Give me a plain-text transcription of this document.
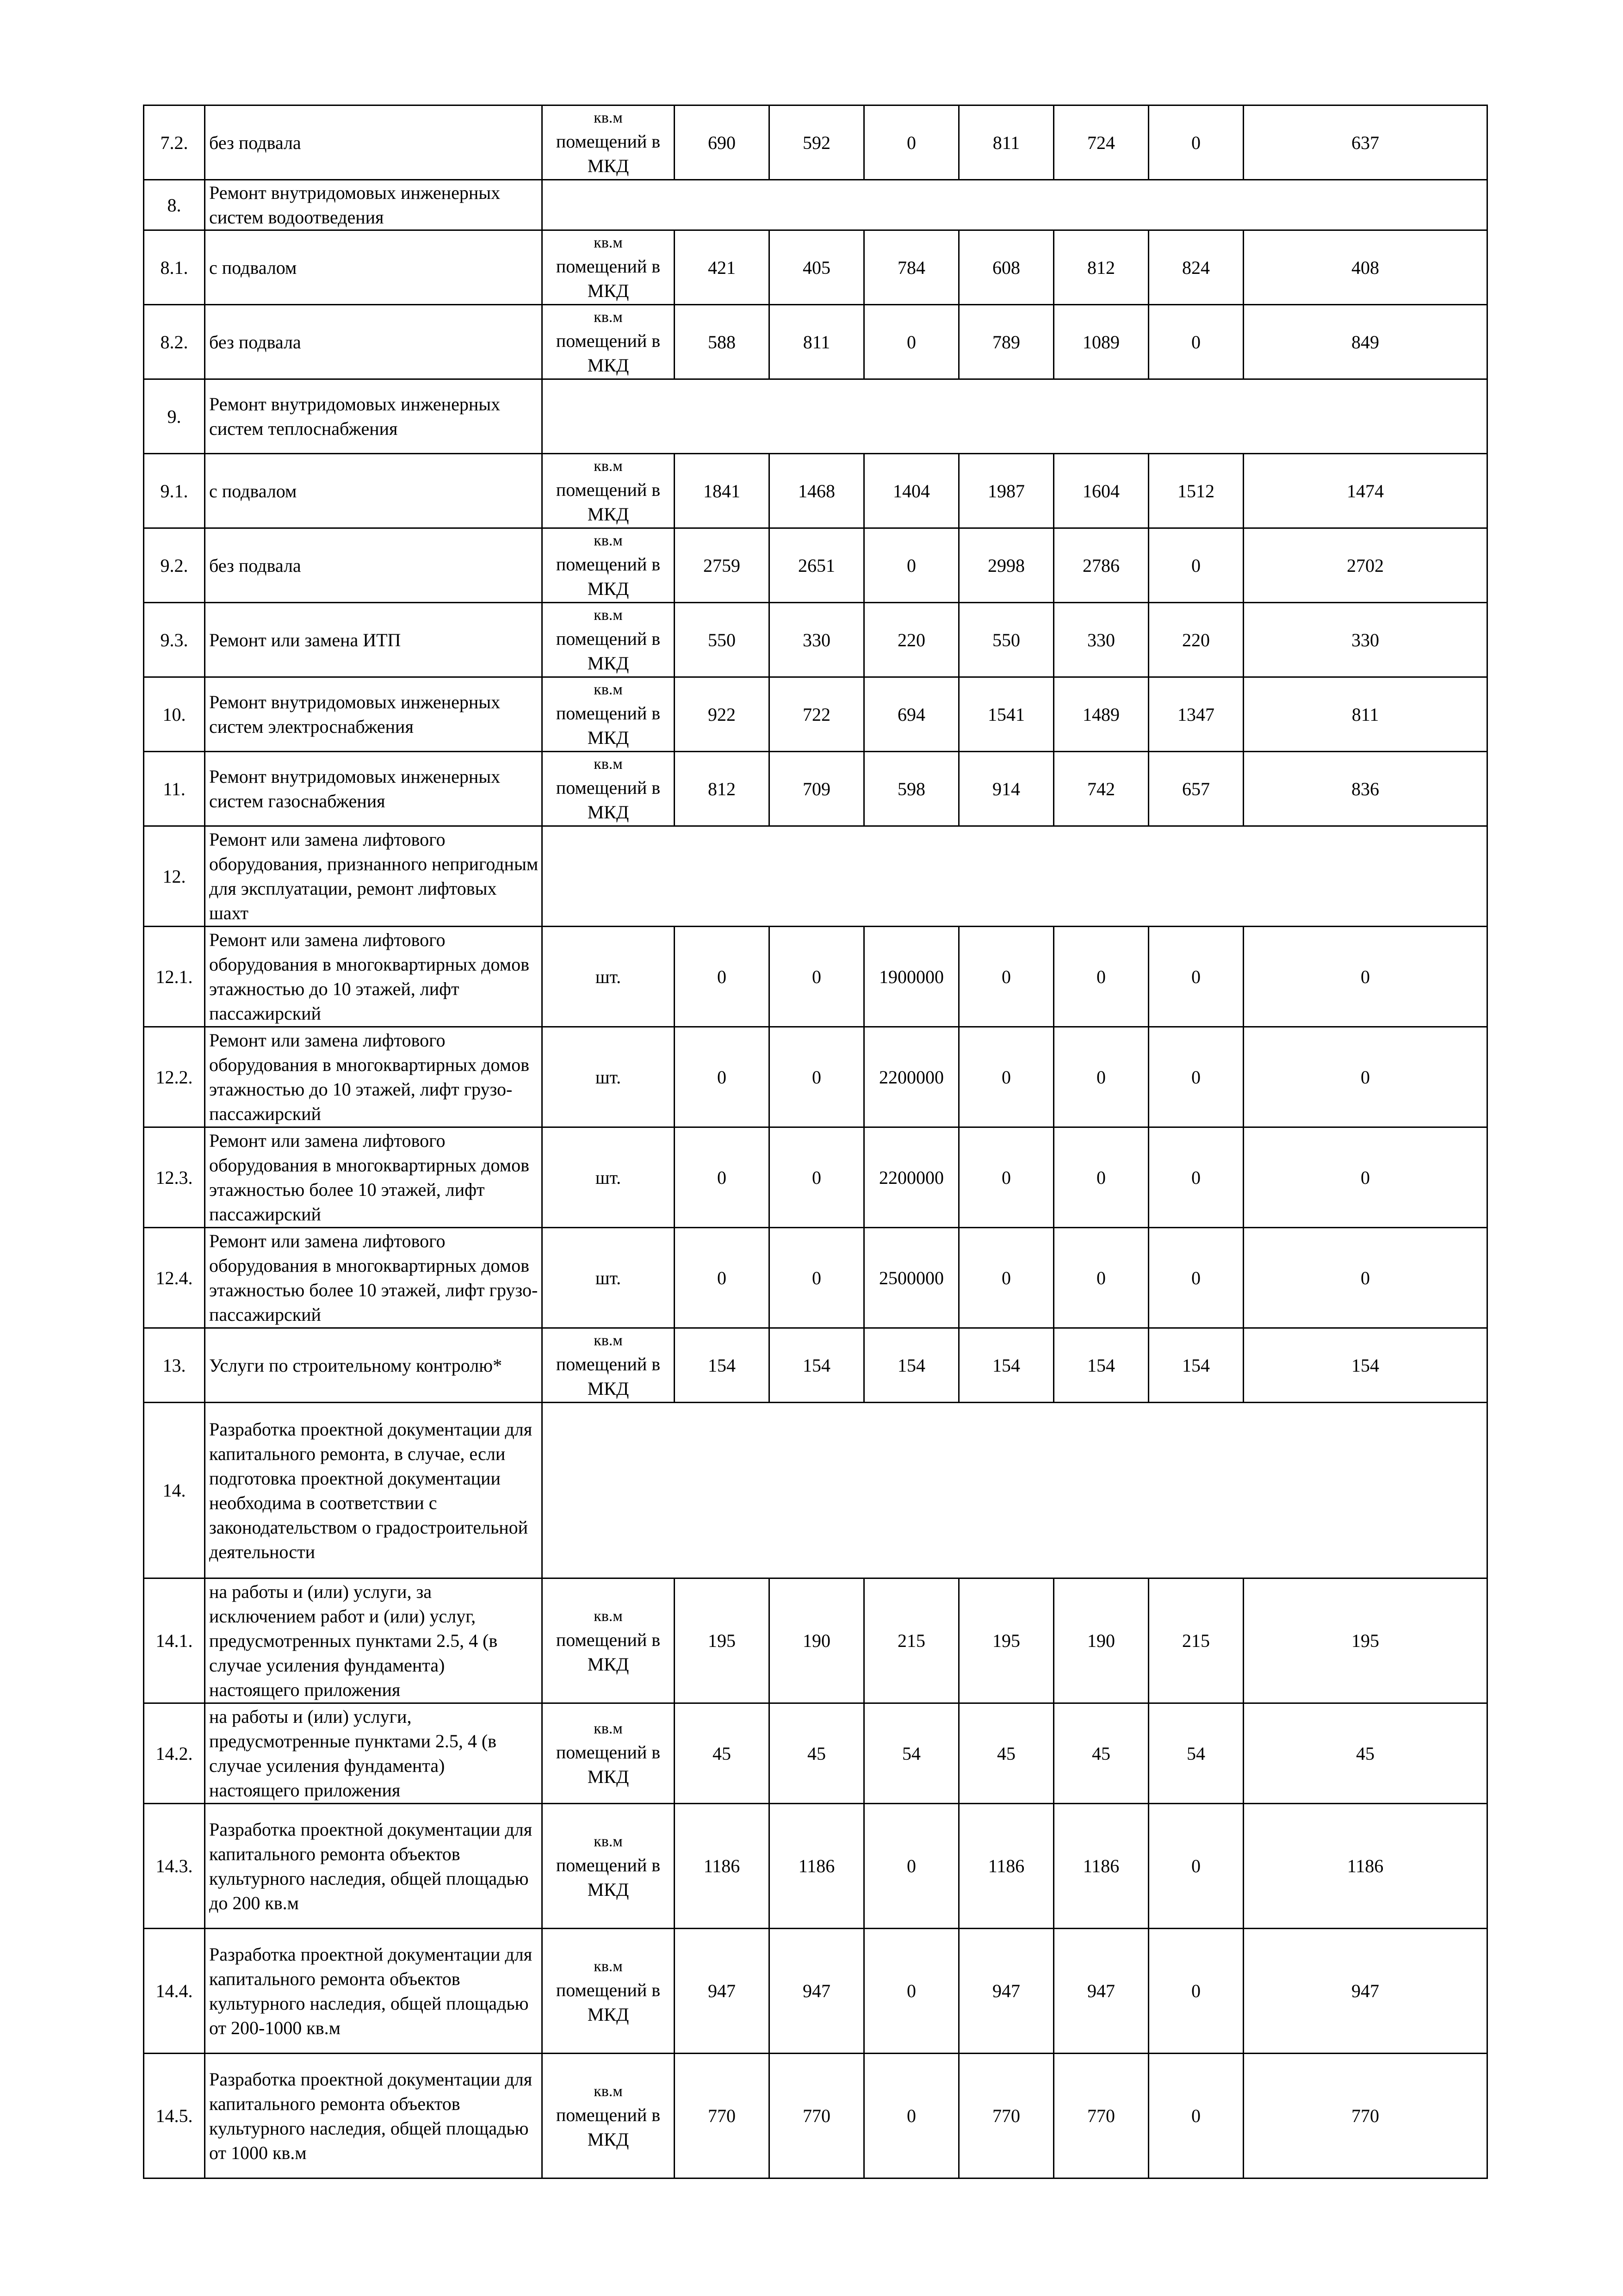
7.2.	без подвала	кв.м
помещений в
МКД	690	592	0	811	724	0	637
8.	Ремонт внутридомовых инженерных систем водоотведения								
8.1.	с подвалом	кв.м
помещений в
МКД	421	405	784	608	812	824	408
8.2.	без подвала	кв.м
помещений в
МКД	588	811	0	789	1089	0	849
9.	Ремонт внутридомовых инженерных систем теплоснабжения								
9.1.	с подвалом	кв.м
помещений в
МКД	1841	1468	1404	1987	1604	1512	1474
9.2.	без подвала	кв.м
помещений в
МКД	2759	2651	0	2998	2786	0	2702
9.3.	Ремонт или замена ИТП	кв.м
помещений в
МКД	550	330	220	550	330	220	330
10.	Ремонт внутридомовых инженерных систем электроснабжения	кв.м
помещений в
МКД	922	722	694	1541	1489	1347	811
11.	Ремонт внутридомовых инженерных систем газоснабжения	кв.м
помещений в
МКД	812	709	598	914	742	657	836
12.	Ремонт или замена лифтового оборудования, признанного непригодным для эксплуатации, ремонт лифтовых шахт								
12.1.	Ремонт или замена лифтового оборудования в многоквартирных домов этажностью до 10 этажей, лифт пассажирский	шт.	0	0	1900000	0	0	0	0
12.2.	Ремонт или замена лифтового оборудования в многоквартирных домов этажностью до 10 этажей, лифт грузо-пассажирский	шт.	0	0	2200000	0	0	0	0
12.3.	Ремонт или замена лифтового оборудования в многоквартирных домов этажностью более 10 этажей, лифт пассажирский	шт.	0	0	2200000	0	0	0	0
12.4.	Ремонт или замена лифтового оборудования в многоквартирных домов этажностью более 10 этажей, лифт грузо-пассажирский	шт.	0	0	2500000	0	0	0	0
13.	Услуги по строительному контролю*	кв.м
помещений в
МКД	154	154	154	154	154	154	154
14.	Разработка проектной документации для капитального ремонта, в случае, если подготовка проектной документации необходима в соответствии с законодательством о градостроительной деятельности								
14.1.	на работы и (или) услуги, за исключением работ и (или) услуг, предусмотренных пунктами 2.5, 4 (в случае усиления фундамента) настоящего приложения	кв.м
помещений в
МКД	195	190	215	195	190	215	195
14.2.	на работы и (или) услуги, предусмотренные пунктами 2.5, 4 (в случае усиления фундамента) настоящего приложения	кв.м
помещений в
МКД	45	45	54	45	45	54	45
14.3.	Разработка проектной документации для капитального ремонта объектов культурного наследия, общей площадью до 200 кв.м	кв.м
помещений в
МКД	1186	1186	0	1186	1186	0	1186
14.4.	Разработка проектной документации для капитального ремонта объектов культурного наследия, общей площадью от 200-1000 кв.м	кв.м
помещений в
МКД	947	947	0	947	947	0	947
14.5.	Разработка проектной документации для капитального ремонта объектов культурного наследия, общей площадью от 1000 кв.м	кв.м
помещений в
МКД	770	770	0	770	770	0	770
